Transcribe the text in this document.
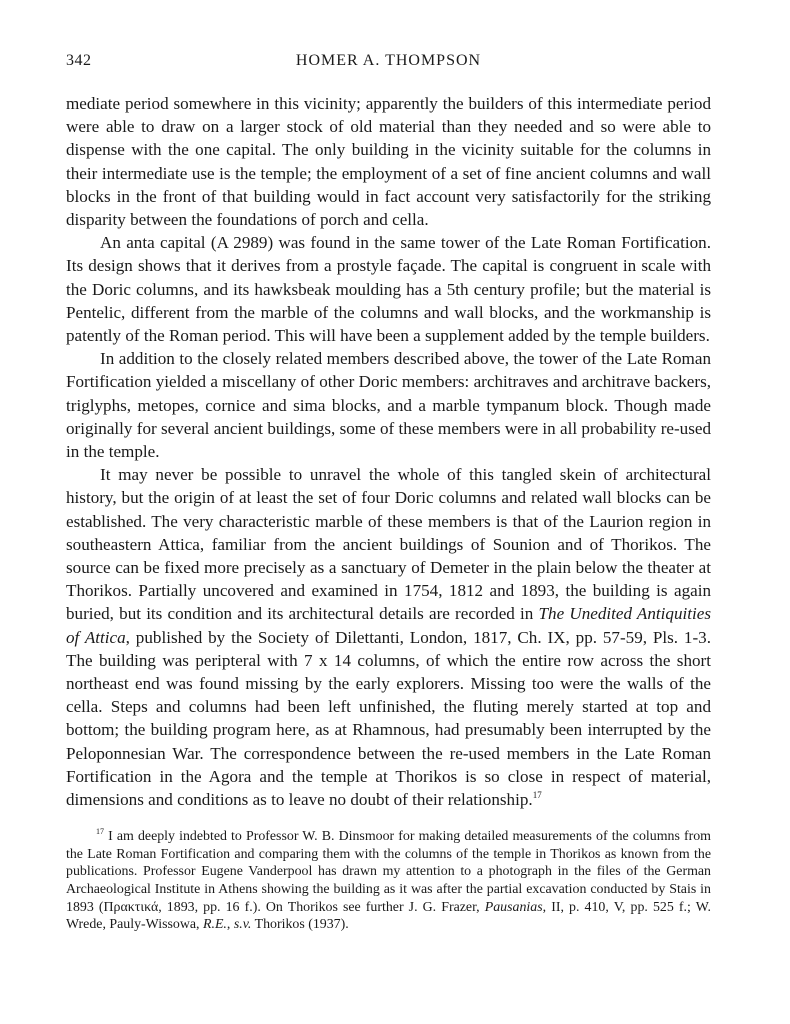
342	HOMER A. THOMPSON

mediate period somewhere in this vicinity; apparently the builders of this intermediate period were able to draw on a larger stock of old material than they needed and so were able to dispense with the one capital. The only building in the vicinity suitable for the columns in their intermediate use is the temple; the employment of a set of fine ancient columns and wall blocks in the front of that building would in fact account very satisfactorily for the striking disparity between the foundations of porch and cella.

An anta capital (A 2989) was found in the same tower of the Late Roman Fortification. Its design shows that it derives from a prostyle façade. The capital is congruent in scale with the Doric columns, and its hawksbeak moulding has a 5th century profile; but the material is Pentelic, different from the marble of the columns and wall blocks, and the workmanship is patently of the Roman period. This will have been a supplement added by the temple builders.

In addition to the closely related members described above, the tower of the Late Roman Fortification yielded a miscellany of other Doric members: architraves and architrave backers, triglyphs, metopes, cornice and sima blocks, and a marble tympanum block. Though made originally for several ancient buildings, some of these members were in all probability re-used in the temple.

It may never be possible to unravel the whole of this tangled skein of architectural history, but the origin of at least the set of four Doric columns and related wall blocks can be established. The very characteristic marble of these members is that of the Laurion region in southeastern Attica, familiar from the ancient buildings of Sounion and of Thorikos. The source can be fixed more precisely as a sanctuary of Demeter in the plain below the theater at Thorikos. Partially uncovered and examined in 1754, 1812 and 1893, the building is again buried, but its condition and its architectural details are recorded in The Unedited Antiquities of Attica, published by the Society of Dilettanti, London, 1817, Ch. IX, pp. 57-59, Pls. 1-3. The building was peripteral with 7 x 14 columns, of which the entire row across the short northeast end was found missing by the early explorers. Missing too were the walls of the cella. Steps and columns had been left unfinished, the fluting merely started at top and bottom; the building program here, as at Rhamnous, had presumably been interrupted by the Peloponnesian War. The correspondence between the re-used members in the Late Roman Fortification in the Agora and the temple at Thorikos is so close in respect of material, dimensions and conditions as to leave no doubt of their relationship.$^{17}$

$^{17}$ I am deeply indebted to Professor W. B. Dinsmoor for making detailed measurements of the columns from the Late Roman Fortification and comparing them with the columns of the temple in Thorikos as known from the publications. Professor Eugene Vanderpool has drawn my attention to a photograph in the files of the German Archaeological Institute in Athens showing the building as it was after the partial excavation conducted by Stais in 1893 (Πρακτικά, 1893, pp. 16 f.). On Thorikos see further J. G. Frazer, Pausanias, II, p. 410, V, pp. 525 f.; W. Wrede, Pauly-Wissowa, R.E., s.v. Thorikos (1937).
